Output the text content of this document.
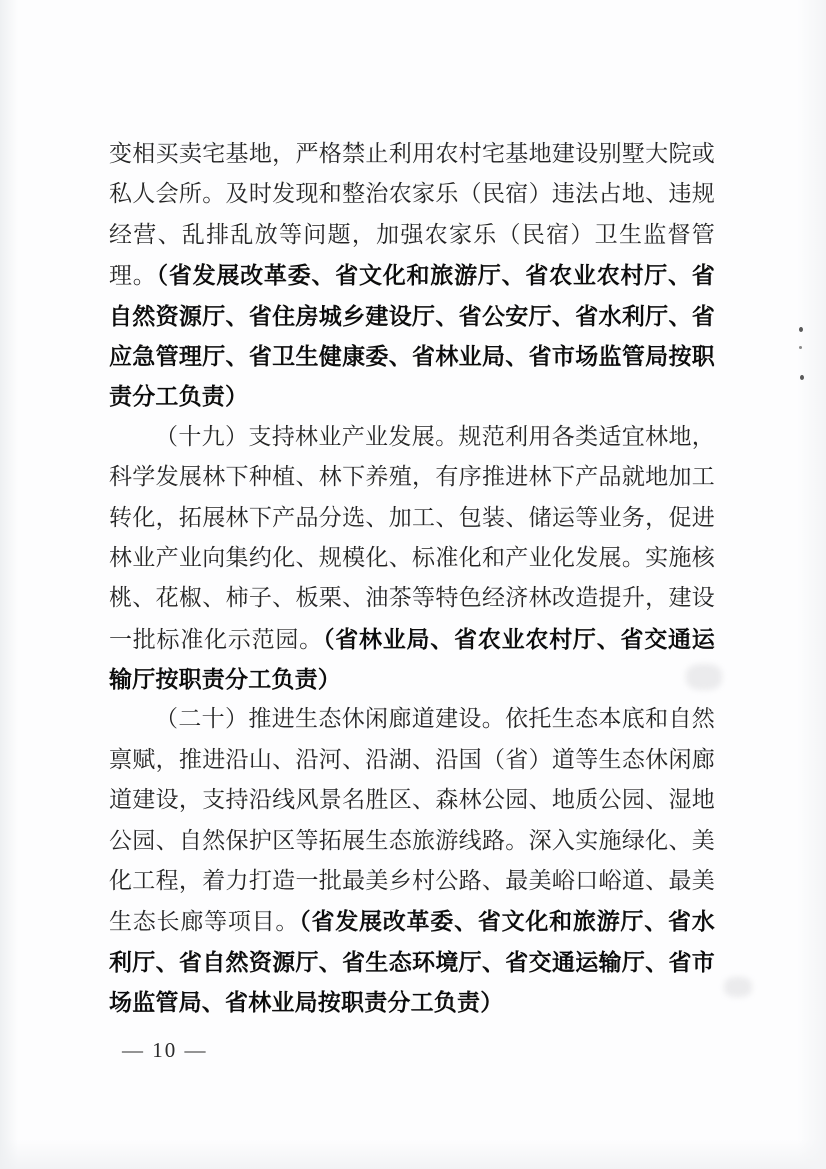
变相买卖宅基地，严格禁止利用农村宅基地建设别墅大院或
私人会所。及时发现和整治农家乐（民宿）违法占地、违规
经营、乱排乱放等问题，加强农家乐（民宿）卫生监督管
理。（省发展改革委、省文化和旅游厅、省农业农村厅、省
自然资源厅、省住房城乡建设厅、省公安厅、省水利厅、省
应急管理厅、省卫生健康委、省林业局、省市场监管局按职
责分工负责）
（十九）支持林业产业发展。规范利用各类适宜林地，
科学发展林下种植、林下养殖，有序推进林下产品就地加工
转化，拓展林下产品分选、加工、包装、储运等业务，促进
林业产业向集约化、规模化、标准化和产业化发展。实施核
桃、花椒、柿子、板栗、油茶等特色经济林改造提升，建设
一批标准化示范园。（省林业局、省农业农村厅、省交通运
输厅按职责分工负责）
（二十）推进生态休闲廊道建设。依托生态本底和自然
禀赋，推进沿山、沿河、沿湖、沿国（省）道等生态休闲廊
道建设，支持沿线风景名胜区、森林公园、地质公园、湿地
公园、自然保护区等拓展生态旅游线路。深入实施绿化、美
化工程，着力打造一批最美乡村公路、最美峪口峪道、最美
生态长廊等项目。（省发展改革委、省文化和旅游厅、省水
利厅、省自然资源厅、省生态环境厅、省交通运输厅、省市
场监管局、省林业局按职责分工负责）
— 10 —
